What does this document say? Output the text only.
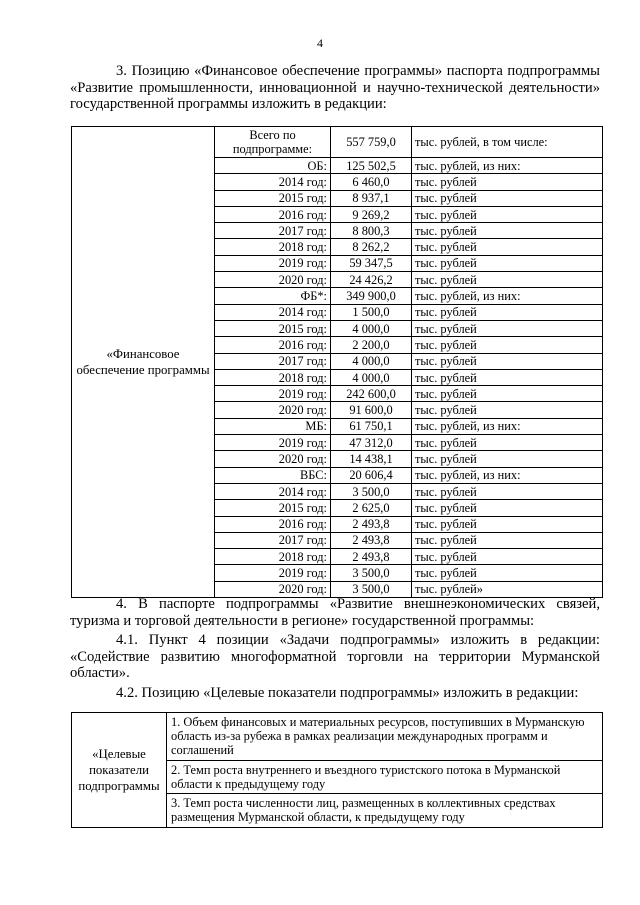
4

3. Позицию «Финансовое обеспечение программы» паспорта подпрограммы «Развитие промышленности, инновационной и научно-технической деятельности» государственной программы изложить в редакции:

«Финансовое обеспечение программы	Всего по подпрограмме:	557 759,0	тыс. рублей, в том числе:
	ОБ:	125 502,5	тыс. рублей, из них:
	2014 год:	6 460,0	тыс. рублей
	2015 год:	8 937,1	тыс. рублей
	2016 год:	9 269,2	тыс. рублей
	2017 год:	8 800,3	тыс. рублей
	2018 год:	8 262,2	тыс. рублей
	2019 год:	59 347,5	тыс. рублей
	2020 год:	24 426,2	тыс. рублей
	ФБ*:	349 900,0	тыс. рублей, из них:
	2014 год:	1 500,0	тыс. рублей
	2015 год:	4 000,0	тыс. рублей
	2016 год:	2 200,0	тыс. рублей
	2017 год:	4 000,0	тыс. рублей
	2018 год:	4 000,0	тыс. рублей
	2019 год:	242 600,0	тыс. рублей
	2020 год:	91 600,0	тыс. рублей
	МБ:	61 750,1	тыс. рублей, из них:
	2019 год:	47 312,0	тыс. рублей
	2020 год:	14 438,1	тыс. рублей
	ВБС:	20 606,4	тыс. рублей, из них:
	2014 год:	3 500,0	тыс. рублей
	2015 год:	2 625,0	тыс. рублей
	2016 год:	2 493,8	тыс. рублей
	2017 год:	2 493,8	тыс. рублей
	2018 год:	2 493,8	тыс. рублей
	2019 год:	3 500,0	тыс. рублей
	2020 год:	3 500,0	тыс. рублей»

4. В паспорте подпрограммы «Развитие внешнеэкономических связей, туризма и торговой деятельности в регионе» государственной программы:

4.1. Пункт 4 позиции «Задачи подпрограммы» изложить в редакции: «Содействие развитию многоформатной торговли на территории Мурманской области».

4.2. Позицию «Целевые показатели подпрограммы» изложить в редакции:

«Целевые показатели подпрограммы	1. Объем финансовых и материальных ресурсов, поступивших в Мурманскую область из-за рубежа в рамках реализации международных программ и соглашений
2. Темп роста внутреннего и въездного туристского потока в Мурманской области к предыдущему году
3. Темп роста численности лиц, размещенных в коллективных средствах размещения Мурманской области, к предыдущему году
